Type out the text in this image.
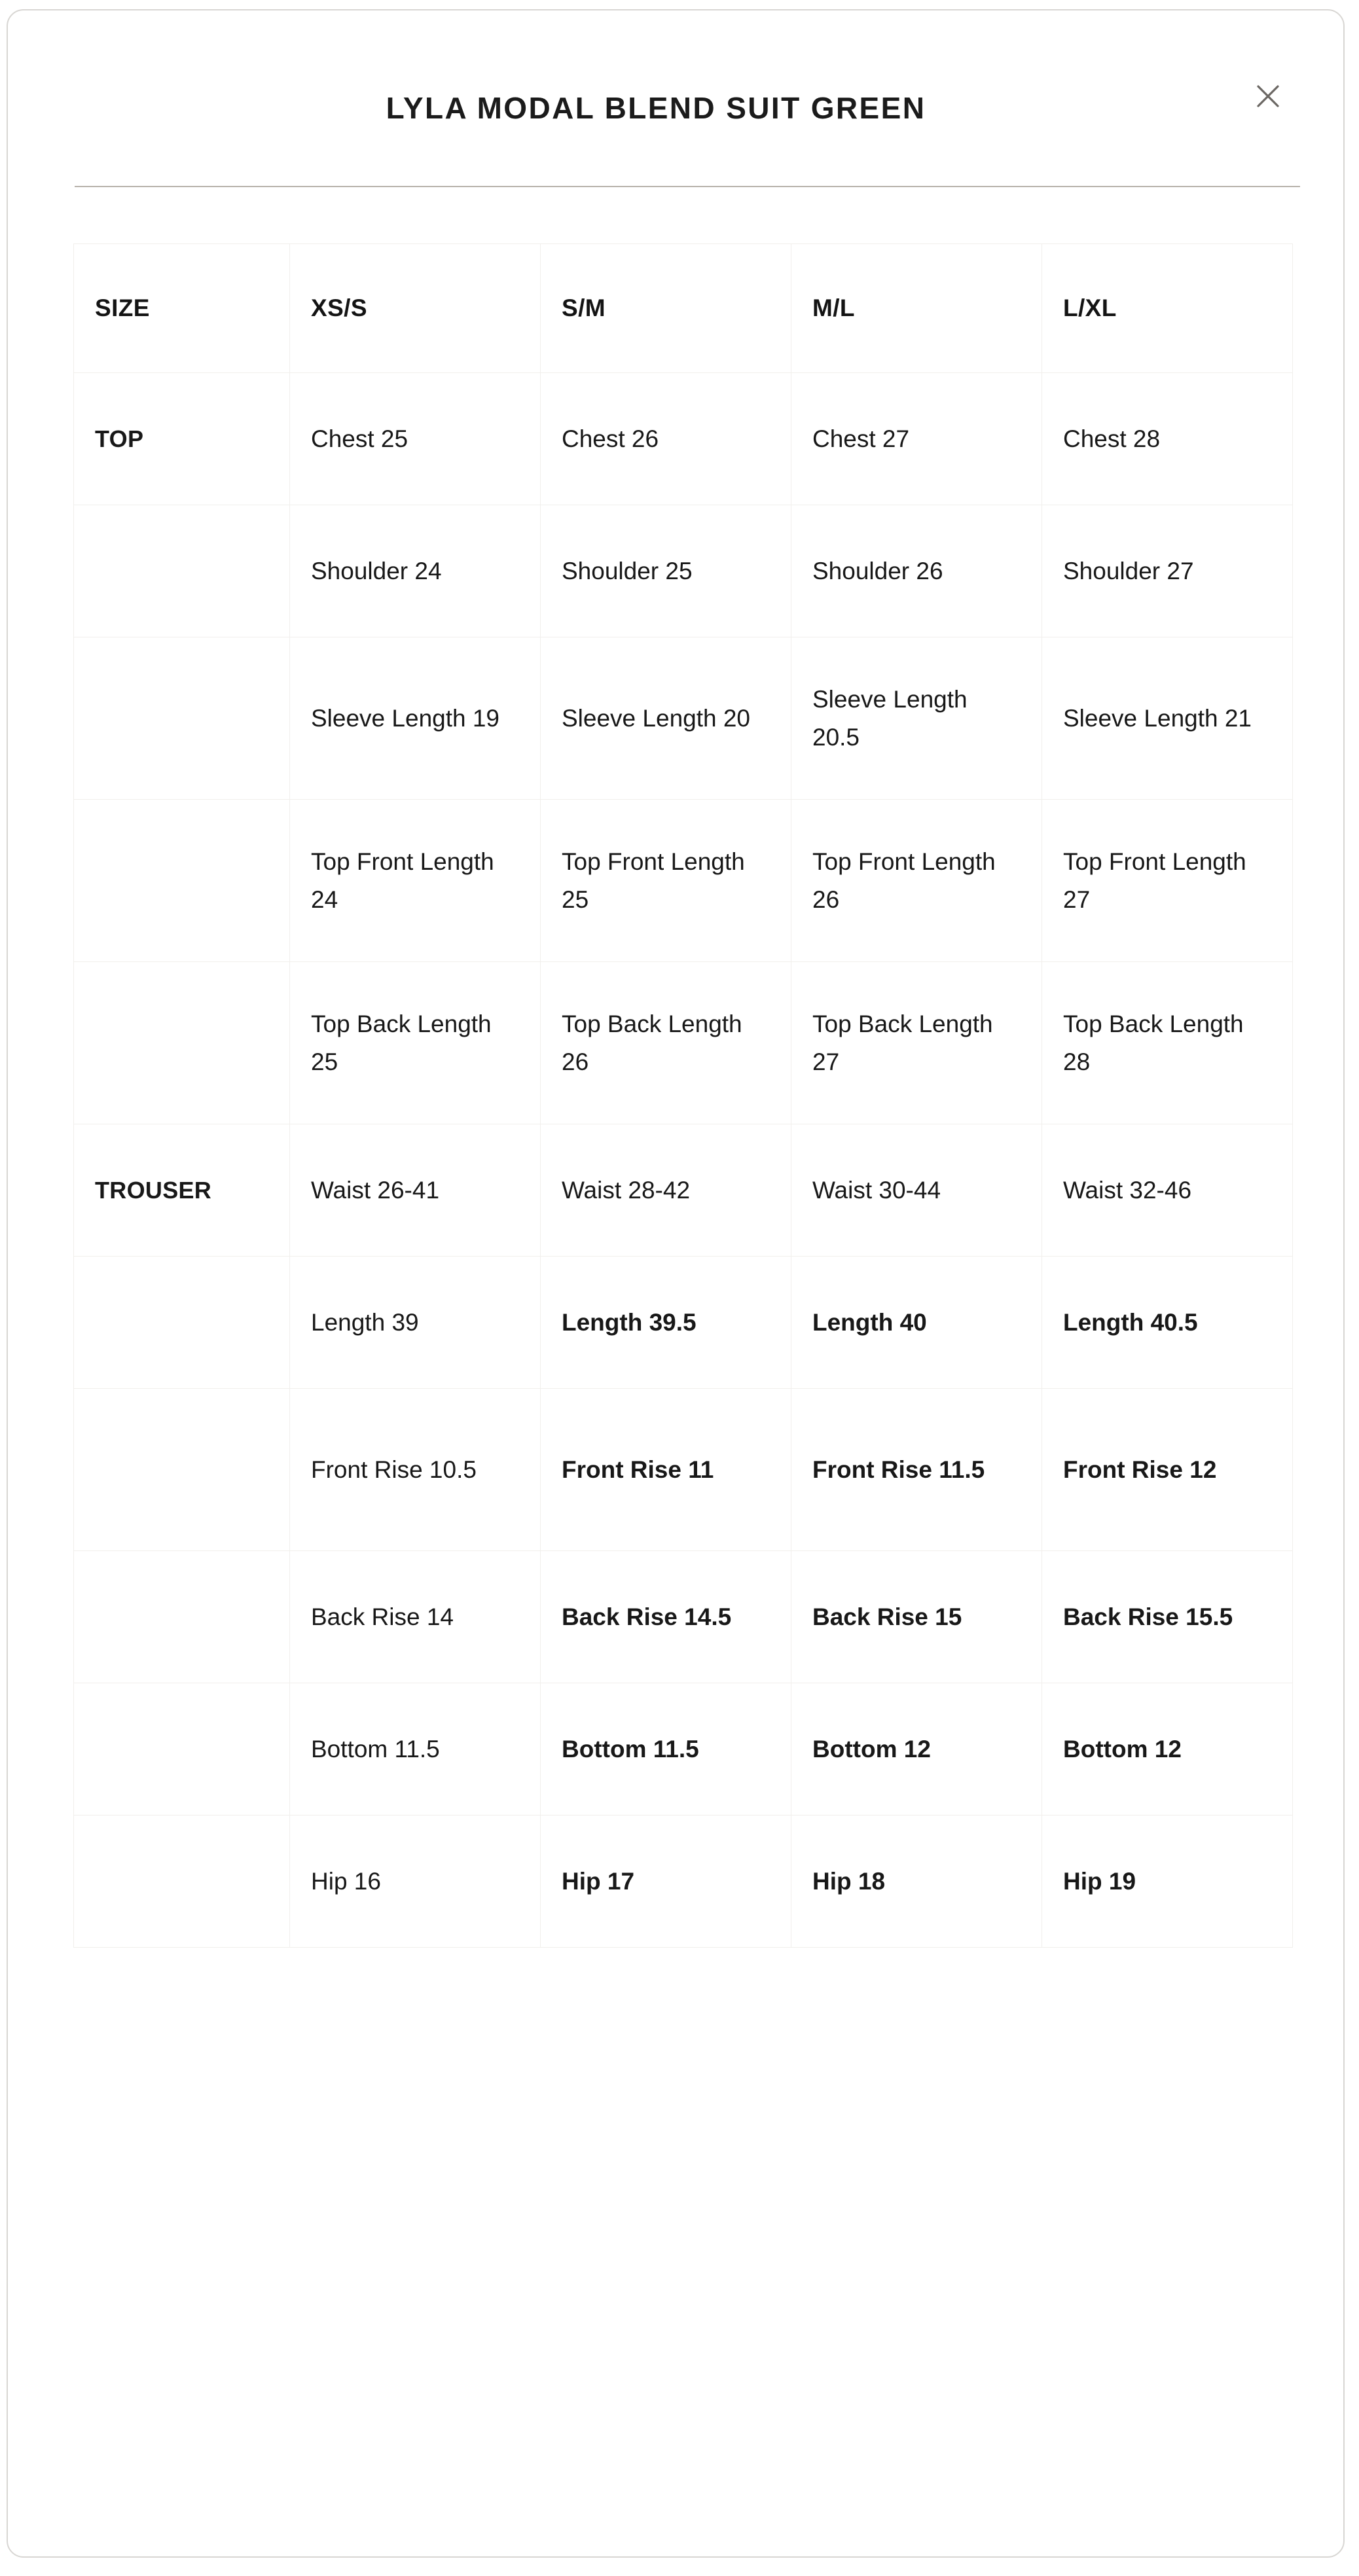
LYLA MODAL BLEND SUIT GREEN
SIZE	XS/S	S/M	M/L	L/XL
TOP	Chest 25	Chest 26	Chest 27	Chest 28
	Shoulder 24	Shoulder 25	Shoulder 26	Shoulder 27
	Sleeve Length 19	Sleeve Length 20	Sleeve Length 20.5	Sleeve Length 21
	Top Front Length 24	Top Front Length 25	Top Front Length 26	Top Front Length 27
	Top Back Length 25	Top Back Length 26	Top Back Length 27	Top Back Length 28
TROUSER	Waist 26-41	Waist 28-42	Waist 30-44	Waist 32-46
	Length 39	Length 39.5	Length 40	Length 40.5
	Front Rise 10.5	Front Rise 11	Front Rise 11.5	Front Rise 12
	Back Rise 14	Back Rise 14.5	Back Rise 15	Back Rise 15.5
	Bottom 11.5	Bottom 11.5	Bottom 12	Bottom 12
	Hip 16	Hip 17	Hip 18	Hip 19
